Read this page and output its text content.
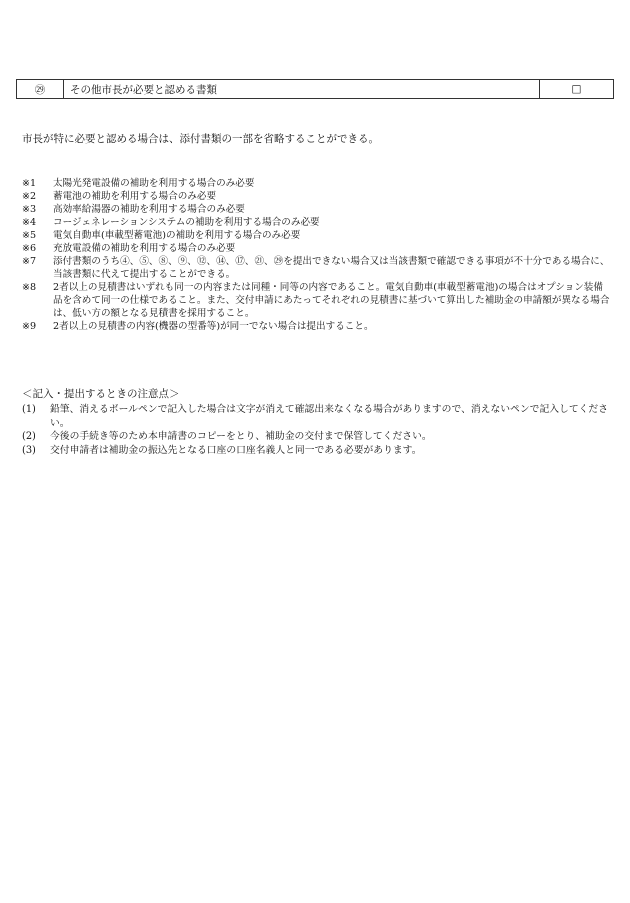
㉙	その他市長が必要と認める書類	□
市長が特に必要と認める場合は、添付書類の一部を省略することができる。
※1	太陽光発電設備の補助を利用する場合のみ必要
※2	蓄電池の補助を利用する場合のみ必要
※3	高効率給湯器の補助を利用する場合のみ必要
※4	コージェネレーションシステムの補助を利用する場合のみ必要
※5	電気自動車(車載型蓄電池)の補助を利用する場合のみ必要
※6	充放電設備の補助を利用する場合のみ必要
※7	添付書類のうち④、⑤、⑧、⑨、⑫、⑭、⑰、㉑、㉙を提出できない場合又は当該書類で確認できる事項が不十分である場合に、当該書類に代えて提出することができる。
※8	2者以上の見積書はいずれも同一の内容または同種・同等の内容であること。電気自動車(車載型蓄電池)の場合はオプション装備品を含めて同一の仕様であること。また、交付申請にあたってそれぞれの見積書に基づいて算出した補助金の申請額が異なる場合は、低い方の額となる見積書を採用すること。
※9	2者以上の見積書の内容(機器の型番等)が同一でない場合は提出すること。
＜記入・提出するときの注意点＞
(1)	鉛筆、消えるボールペンで記入した場合は文字が消えて確認出来なくなる場合がありますので、消えないペンで記入してください。
(2)	今後の手続き等のため本申請書のコピーをとり、補助金の交付まで保管してください。
(3)	交付申請者は補助金の振込先となる口座の口座名義人と同一である必要があります。
